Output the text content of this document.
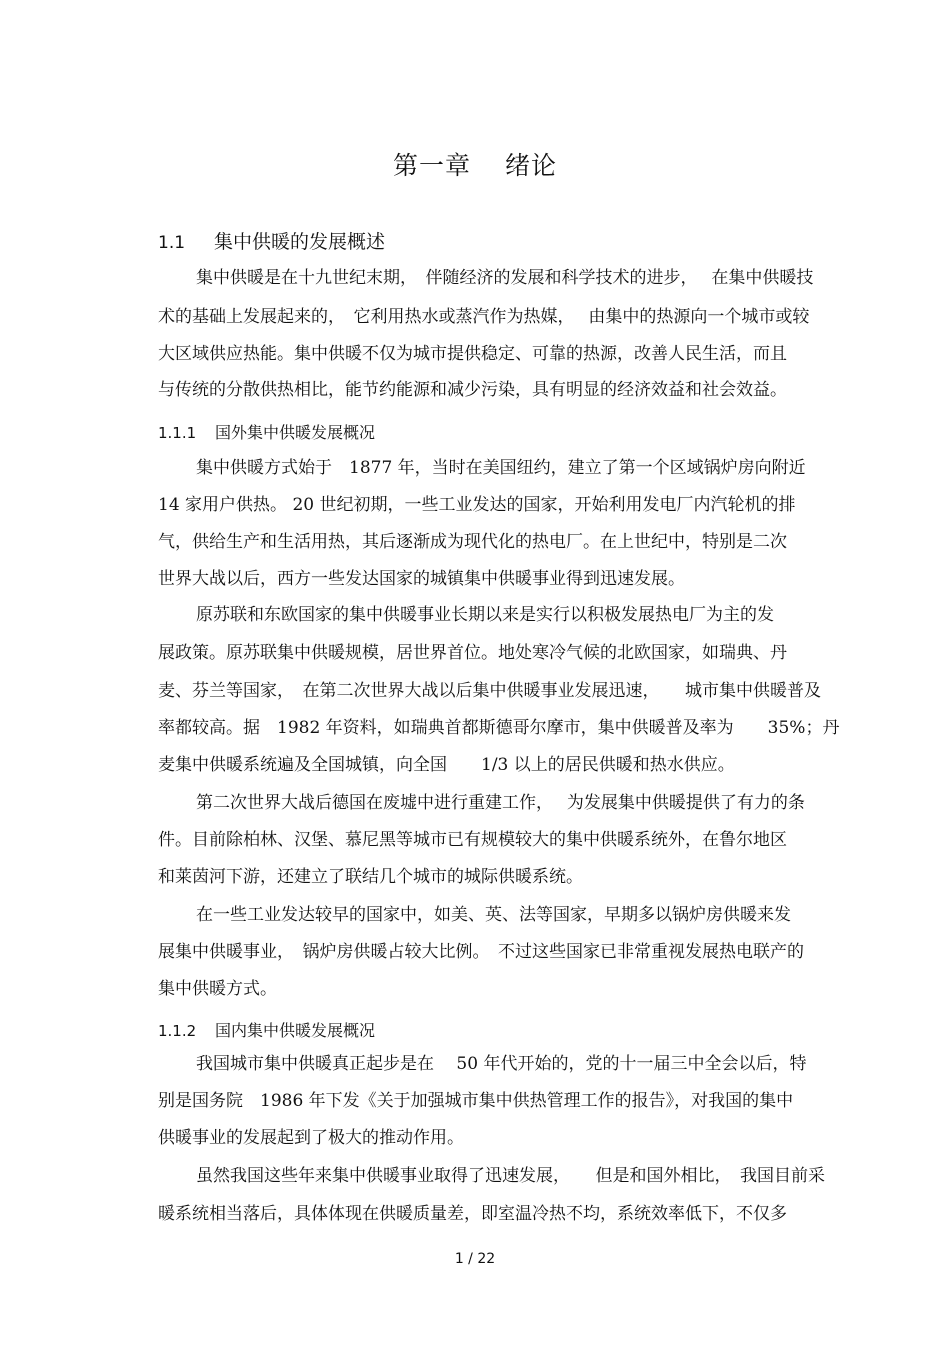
第一章 绪论
1.1 集中供暖的发展概述
集中供暖是在十九世纪末期，　伴随经济的发展和科学技术的进步，　 在集中供暖技
术的基础上发展起来的，　它利用热水或蒸汽作为热媒，　 由集中的热源向一个城市或较
大区域供应热能。集中供暖不仅为城市提供稳定、可靠的热源，改善人民生活，而且
与传统的分散供热相比，能节约能源和减少污染，具有明显的经济效益和社会效益。
1.1.1 国外集中供暖发展概况
集中供暖方式始于　1877 年，当时在美国纽约，建立了第一个区域锅炉房向附近
14 家用户供热。 20 世纪初期，一些工业发达的国家，开始利用发电厂内汽轮机的排
气，供给生产和生活用热，其后逐渐成为现代化的热电厂。在上世纪中，特别是二次
世界大战以后，西方一些发达国家的城镇集中供暖事业得到迅速发展。
原苏联和东欧国家的集中供暖事业长期以来是实行以积极发展热电厂为主的发
展政策。原苏联集中供暖规模，居世界首位。地处寒冷气候的北欧国家，如瑞典、丹
麦、芬兰等国家，　在第二次世界大战以后集中供暖事业发展迅速，　　城市集中供暖普及
率都较高。据　1982 年资料，如瑞典首都斯德哥尔摩市，集中供暖普及率为　　35%；丹
麦集中供暖系统遍及全国城镇，向全国　　1/3 以上的居民供暖和热水供应。
第二次世界大战后德国在废墟中进行重建工作，　 为发展集中供暖提供了有力的条
件。目前除柏林、汉堡、慕尼黑等城市已有规模较大的集中供暖系统外，在鲁尔地区
和莱茵河下游，还建立了联结几个城市的城际供暖系统。
在一些工业发达较早的国家中，如美、英、法等国家，早期多以锅炉房供暖来发
展集中供暖事业，　锅炉房供暖占较大比例。　不过这些国家已非常重视发展热电联产的
集中供暖方式。
1.1.2 国内集中供暖发展概况
我国城市集中供暖真正起步是在　 50 年代开始的，党的十一届三中全会以后，特
别是国务院　1986 年下发《关于加强城市集中供热管理工作的报告》，对我国的集中
供暖事业的发展起到了极大的推动作用。
虽然我国这些年来集中供暖事业取得了迅速发展，　　但是和国外相比，　我国目前采
暖系统相当落后，具体体现在供暖质量差，即室温冷热不均，系统效率低下，不仅多
1 / 22
